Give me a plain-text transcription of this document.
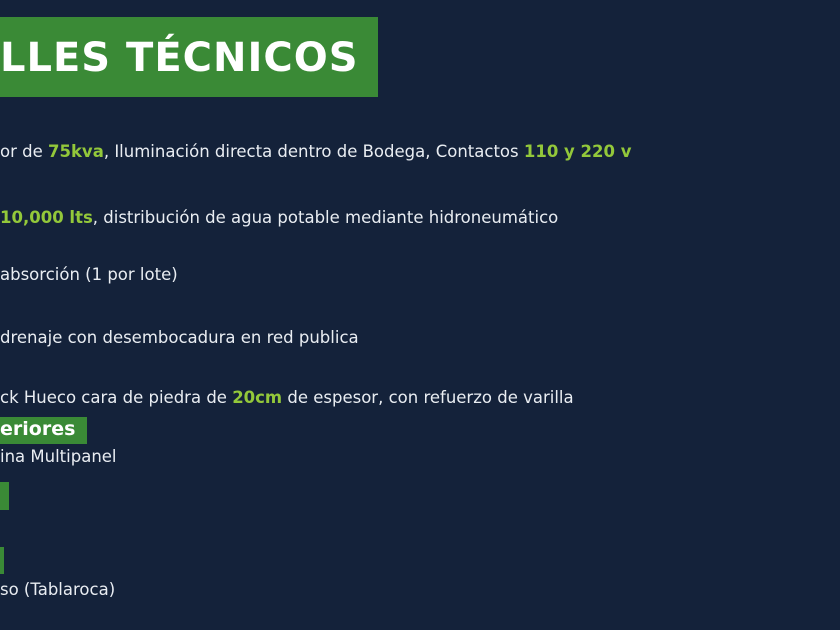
LLES TÉCNICOS
or de 75kva, Iluminación directa dentro de Bodega, Contactos 110 y 220 v
10,000 lts, distribución de agua potable mediante hidroneumático
absorción (1 por lote)
drenaje con desembocadura en red publica
ck Hueco cara de piedra de 20cm de espesor, con refuerzo de varilla
eriores
ina Multipanel
so (Tablaroca)
